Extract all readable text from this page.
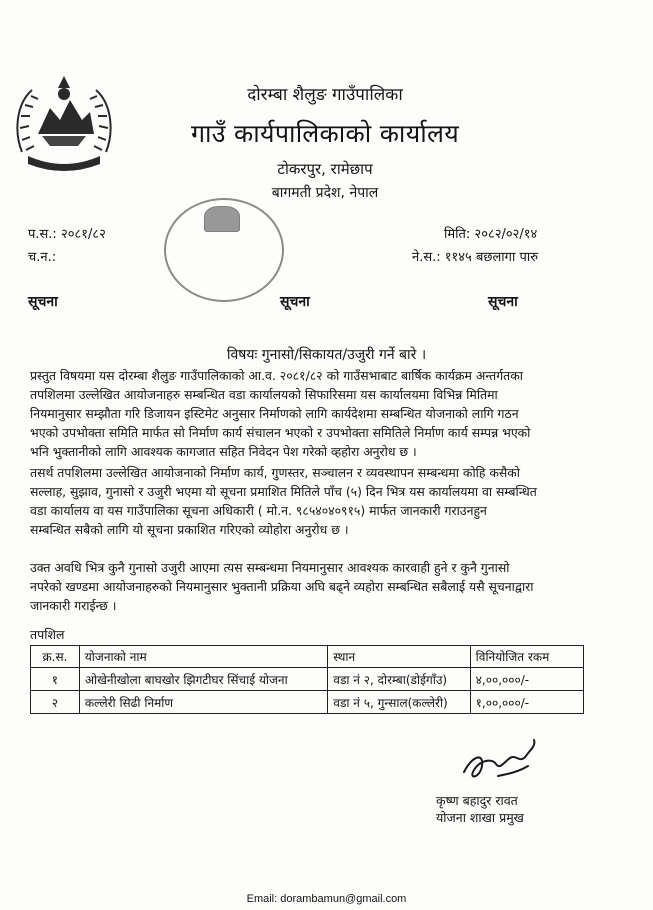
दोरम्बा शैलुङ गाउँपालिका
गाउँ कार्यपालिकाको कार्यालय
टोकरपुर, रामेछाप
बागमती प्रदेश, नेपाल
प.स.: २०८१/८२
च.न.:
मिति: २०८२/०२/१४
ने.स.: ११४५ बछलागा पारु
सूचना	सूचना	सूचना
विषयः गुनासो/सिकायत/उजुरी गर्ने बारे ।
प्रस्तुत विषयमा यस दोरम्बा शैलुङ गाउँपालिकाको आ.व. २०८१/८२ को गाउँसभाबाट बार्षिक कार्यक्रम अन्तर्गतका
तपशिलमा उल्लेखित आयोजनाहरु सम्बन्धित वडा कार्यालयको सिफारिसमा यस कार्यालयमा विभिन्न मितिमा
नियमानुसार सम्झौता गरि डिजायन इस्टिमेट अनुसार निर्माणको लागि कार्यदेशमा सम्बन्धित योजनाको लागि गठन
भएको उपभोक्ता समिति मार्फत सो निर्माण कार्य संचालन भएको र उपभोक्ता समितिले निर्माण कार्य सम्पन्न भएको
भनि भुक्तानीको लागि आवश्यक कागजात सहित निवेदन पेश गरेको व्हहोरा अनुरोध छ ।
तसर्थ तपशिलमा उल्लेखित आयोजनाको निर्माण कार्य, गुणस्तर, सञ्चालन र व्यवस्थापन सम्बन्धमा कोहि कसैको
सल्लाह, सुझाव, गुनासो र उजुरी भएमा यो सूचना प्रमाशित मितिले पाँच (५) दिन भित्र यस कार्यालयमा वा सम्बन्धित
वडा कार्यालय वा यस गाउँपालिका सूचना अधिकारी ( मो.न. ९८५४०४०९१५) मार्फत जानकारी गराउनहुन
सम्बन्धित सबैको लागि यो सूचना प्रकाशित गरिएको व्योहोरा अनुरोध छ ।
उक्त अवधि भित्र कुनै गुनासो उजुरी आएमा त्यस सम्बन्धमा नियमानुसार आवश्यक कारवाही हुने र कुनै गुनासो
नपरेको खण्डमा आयोजनाहरुको नियमानुसार भुक्तानी प्रक्रिया अघि बढ्ने व्यहोरा सम्बन्धित सबैलाई यसै सूचनाद्वारा
जानकारी गराईन्छ ।
तपशिल
क्र.स.	योजनाको नाम	स्थान	विनियोजित रकम
१	ओखेनीखोला बाघखोर झिगटीघर सिंचाई योजना	वडा नं २, दोरम्बा(डोईगाँउ)	४,००,०००/-
२	कल्लेरी सिढी निर्माण	वडा नं ५, गुन्साल(कल्लेरी)	१,००,०००/-
कृष्ण बहादुर रावत
योजना शाखा प्रमुख
Email: dorambamun@gmail.com
